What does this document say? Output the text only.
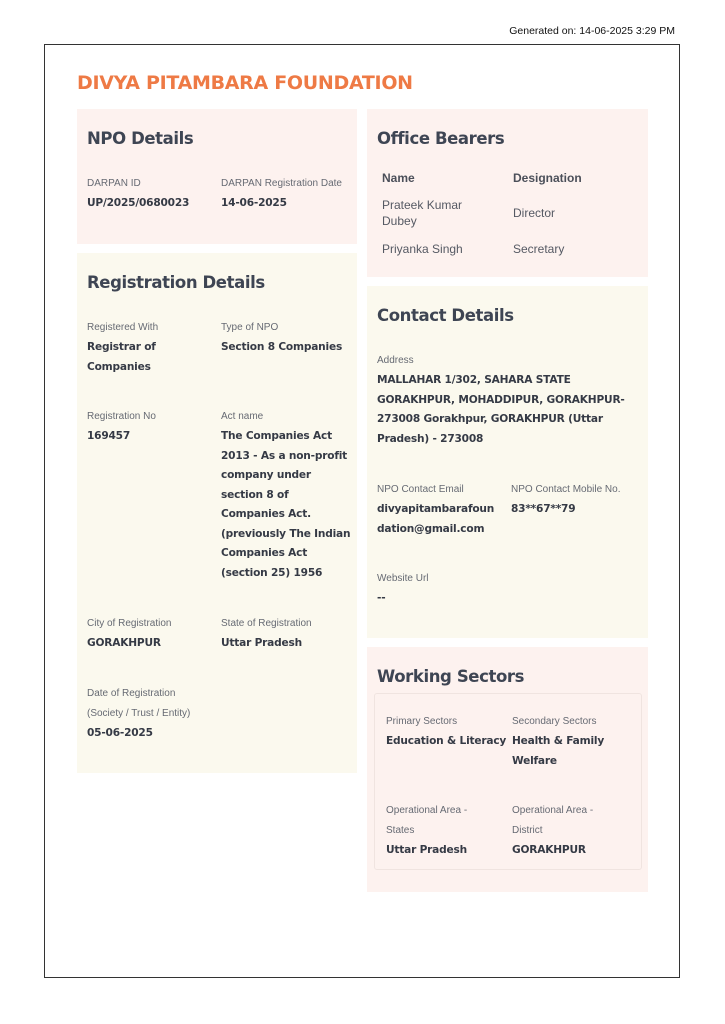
Generated on: 14-06-2025 3:29 PM
DIVYA PITAMBARA FOUNDATION
NPO Details
DARPAN ID
UP/2025/0680023
DARPAN Registration Date
14-06-2025
Registration Details
Registered With
Registrar of Companies
Type of NPO
Section 8 Companies
Registration No
169457
Act name
The Companies Act 2013 - As a non-profit company under section 8 of Companies Act. (previously The Indian Companies Act (section 25) 1956
City of Registration
GORAKHPUR
State of Registration
Uttar Pradesh
Date of Registration (Society / Trust / Entity)
05-06-2025
Office Bearers
Name	Designation
Prateek Kumar Dubey
Director
Priyanka Singh	Secretary
Contact Details
Address
MALLAHAR 1/302, SAHARA STATE GORAKHPUR, MOHADDIPUR, GORAKHPUR-273008 Gorakhpur, GORAKHPUR (Uttar Pradesh) - 273008
NPO Contact Email
divyapitambarafoundation@gmail.com
NPO Contact Mobile No.
83**67**79
Website Url
--
Working Sectors
Primary Sectors
Education & Literacy
Secondary Sectors
Health & Family Welfare
Operational Area - States
Uttar Pradesh
Operational Area - District
GORAKHPUR
